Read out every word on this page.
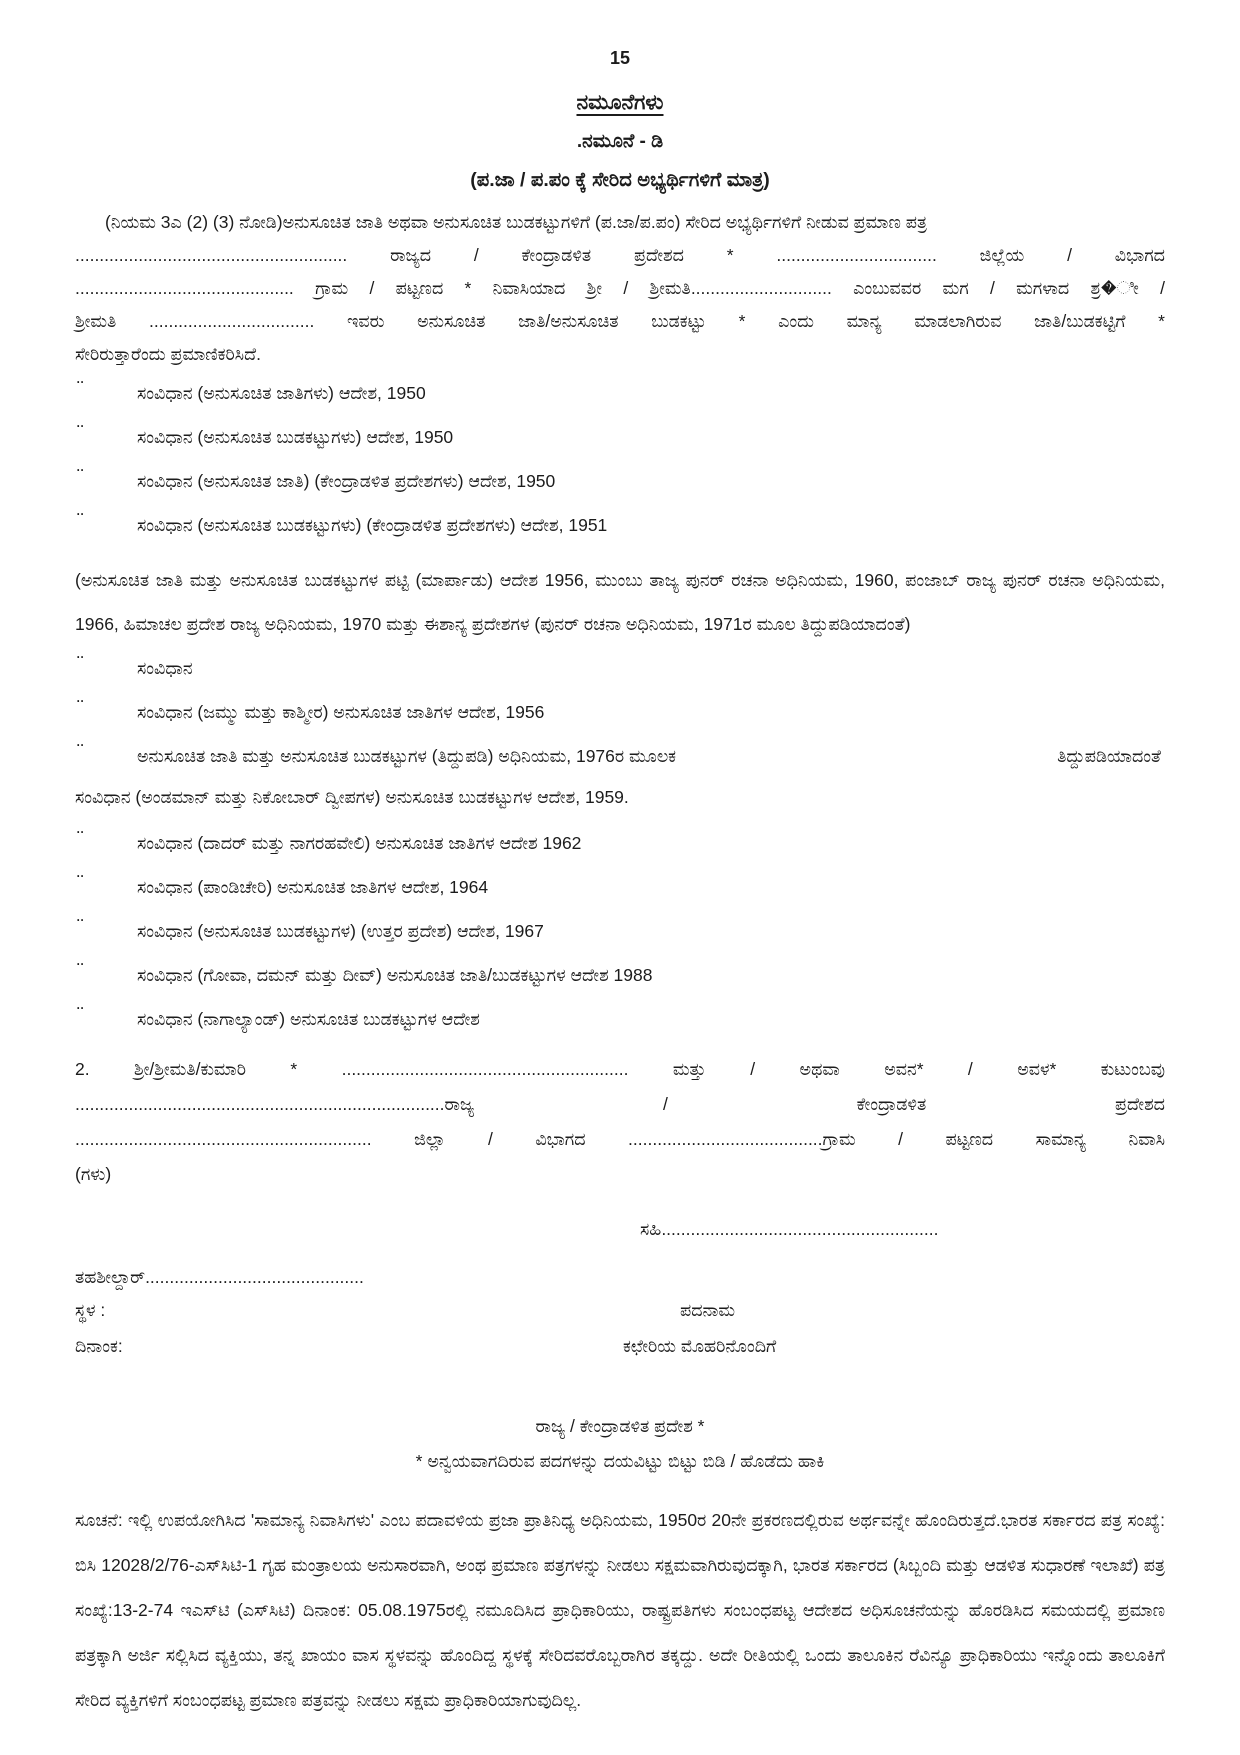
15
ನಮೂನೆಗಳು
.ನಮೂನೆ - ಡಿ
(ಪ.ಜಾ / ಪ.ಪಂ ಕ್ಕೆ ಸೇರಿದ ಅಭ್ಯರ್ಥಿಗಳಿಗೆ ಮಾತ್ರ)
(ನಿಯಮ 3ಎ (2) (3) ನೋಡಿ)ಅನುಸೂಚಿತ ಜಾತಿ ಅಥವಾ ಅನುಸೂಚಿತ ಬುಡಕಟ್ಟುಗಳಿಗೆ (ಪ.ಜಾ/ಪ.ಪಂ) ಸೇರಿದ ಅಭ್ಯರ್ಥಿಗಳಿಗೆ ನೀಡುವ ಪ್ರಮಾಣ ಪತ್ರ
........................................................ ರಾಜ್ಯದ / ಕೇಂದ್ರಾಡಳಿತ ಪ್ರದೇಶದ * ................................. ಜಿಲ್ಲೆಯ / ವಿಭಾಗದ
............................................. ಗ್ರಾಮ / ಪಟ್ಟಣದ * ನಿವಾಸಿಯಾದ ಶ್ರೀ / ಶ್ರೀಮತಿ............................. ಎಂಬುವವರ ಮಗ / ಮಗಳಾದ ಶ್ರ�ೀ /
ಶ್ರೀಮತಿ .................................. ಇವರು ಅನುಸೂಚಿತ ಜಾತಿ/ಅನುಸೂಚಿತ ಬುಡಕಟ್ಟು * ಎಂದು ಮಾನ್ಯ ಮಾಡಲಾಗಿರುವ ಜಾತಿ/ಬುಡಕಟ್ಟಿಗೆ *
ಸೇರಿರುತ್ತಾರೆಂದು ಪ್ರಮಾಣಿಕರಿಸಿದೆ.
¨	ಸಂವಿಧಾನ (ಅನುಸೂಚಿತ ಜಾತಿಗಳು) ಆದೇಶ, 1950
¨	ಸಂವಿಧಾನ (ಅನುಸೂಚಿತ ಬುಡಕಟ್ಟುಗಳು) ಆದೇಶ, 1950
¨	ಸಂವಿಧಾನ (ಅನುಸೂಚಿತ ಜಾತಿ) (ಕೇಂದ್ರಾಡಳಿತ ಪ್ರದೇಶಗಳು) ಆದೇಶ, 1950
¨	ಸಂವಿಧಾನ (ಅನುಸೂಚಿತ ಬುಡಕಟ್ಟುಗಳು) (ಕೇಂದ್ರಾಡಳಿತ ಪ್ರದೇಶಗಳು) ಆದೇಶ, 1951
(ಅನುಸೂಚಿತ ಜಾತಿ ಮತ್ತು ಅನುಸೂಚಿತ ಬುಡಕಟ್ಟುಗಳ ಪಟ್ಟಿ (ಮಾರ್ಪಾಡು) ಆದೇಶ 1956, ಮುಂಬು ತಾಜ್ಯ ಪುನರ್ ರಚನಾ ಅಧಿನಿಯಮ, 1960, ಪಂಜಾಬ್ ರಾಜ್ಯ ಪುನರ್ ರಚನಾ ಅಧಿನಿಯಮ, 1966, ಹಿಮಾಚಲ ಪ್ರದೇಶ ರಾಜ್ಯ ಅಧಿನಿಯಮ, 1970 ಮತ್ತು ಈಶಾನ್ಯ ಪ್ರದೇಶಗಳ (ಪುನರ್ ರಚನಾ ಅಧಿನಿಯಮ, 1971ರ ಮೂಲ ತಿದ್ದುಪಡಿಯಾದಂತೆ)
¨	ಸಂವಿಧಾನ
¨	ಸಂವಿಧಾನ (ಜಮ್ಮು ಮತ್ತು ಕಾಶ್ಮೀರ) ಅನುಸೂಚಿತ ಜಾತಿಗಳ ಆದೇಶ, 1956
¨	ಅನುಸೂಚಿತ ಜಾತಿ ಮತ್ತು ಅನುಸೂಚಿತ ಬುಡಕಟ್ಟುಗಳ (ತಿದ್ದುಪಡಿ) ಅಧಿನಿಯಮ, 1976ರ ಮೂಲಕ	ತಿದ್ದುಪಡಿಯಾದಂತೆ
ಸಂವಿಧಾನ (ಅಂಡಮಾನ್ ಮತ್ತು ನಿಕೋಬಾರ್ ದ್ವೀಪಗಳ) ಅನುಸೂಚಿತ ಬುಡಕಟ್ಟುಗಳ ಆದೇಶ, 1959.
¨	ಸಂವಿಧಾನ (ದಾದರ್ ಮತ್ತು ನಾಗರಹವೇಲಿ) ಅನುಸೂಚಿತ ಜಾತಿಗಳ ಆದೇಶ 1962
¨	ಸಂವಿಧಾನ (ಪಾಂಡಿಚೇರಿ) ಅನುಸೂಚಿತ ಜಾತಿಗಳ ಆದೇಶ, 1964
¨	ಸಂವಿಧಾನ (ಅನುಸೂಚಿತ ಬುಡಕಟ್ಟುಗಳ) (ಉತ್ತರ ಪ್ರದೇಶ) ಆದೇಶ, 1967
¨	ಸಂವಿಧಾನ (ಗೋವಾ, ದಮನ್ ಮತ್ತು ದೀವ್) ಅನುಸೂಚಿತ ಜಾತಿ/ಬುಡಕಟ್ಟುಗಳ ಆದೇಶ 1988
¨	ಸಂವಿಧಾನ (ನಾಗಾಲ್ಯಾಂಡ್) ಅನುಸೂಚಿತ ಬುಡಕಟ್ಟುಗಳ ಆದೇಶ
2. ಶ್ರೀ/ಶ್ರೀಮತಿ/ಕುಮಾರಿ * ........................................................... ಮತ್ತು / ಅಥವಾ ಅವನ* / ಅವಳ* ಕುಟುಂಬವು
............................................................................ರಾಜ್ಯ / ಕೇಂದ್ರಾಡಳಿತ ಪ್ರದೇಶದ
............................................................. ಜಿಲ್ಲಾ / ವಿಭಾಗದ ........................................ಗ್ರಾಮ / ಪಟ್ಟಣದ ಸಾಮಾನ್ಯ ನಿವಾಸಿ
(ಗಳು)
ಸಹಿ.........................................................
ತಹಶೀಲ್ದಾರ್.............................................
ಸ್ಥಳ :	ಪದನಾಮ
ದಿನಾಂಕ:	ಕಛೇರಿಯ ಮೊಹರಿನೊಂದಿಗೆ
ರಾಜ್ಯ / ಕೇಂದ್ರಾಡಳಿತ ಪ್ರದೇಶ *
* ಅನ್ವಯವಾಗದಿರುವ ಪದಗಳನ್ನು ದಯವಿಟ್ಟು ಬಿಟ್ಟು ಬಿಡಿ / ಹೊಡೆದು ಹಾಕಿ
ಸೂಚನೆ: ಇಲ್ಲಿ ಉಪಯೋಗಿಸಿದ 'ಸಾಮಾನ್ಯ ನಿವಾಸಿಗಳು' ಎಂಬ ಪದಾವಳಿಯ ಪ್ರಜಾ ಪ್ರಾತಿನಿಧ್ಯ ಅಧಿನಿಯಮ, 1950ರ 20ನೇ ಪ್ರಕರಣದಲ್ಲಿರುವ ಅರ್ಥವನ್ನೇ ಹೊಂದಿರುತ್ತದೆ.ಭಾರತ ಸರ್ಕಾರದ ಪತ್ರ ಸಂಖ್ಯೆ: ಬಿಸಿ 12028/2/76-ಎಸ್‌ಸಿಟಿ-1 ಗೃಹ ಮಂತ್ರಾಲಯ ಅನುಸಾರವಾಗಿ, ಅಂಥ ಪ್ರಮಾಣ ಪತ್ರಗಳನ್ನು ನೀಡಲು ಸಕ್ಷಮವಾಗಿರುವುದಕ್ಕಾಗಿ, ಭಾರತ ಸರ್ಕಾರದ (ಸಿಬ್ಬಂದಿ ಮತ್ತು ಆಡಳಿತ ಸುಧಾರಣೆ ಇಲಾಖೆ) ಪತ್ರ ಸಂಖ್ಯೆ:13-2-74 ಇಎಸ್‌ಟಿ (ಎಸ್‌ಸಿಟಿ) ದಿನಾಂಕ: 05.08.1975ರಲ್ಲಿ ನಮೂದಿಸಿದ ಪ್ರಾಧಿಕಾರಿಯು, ರಾಷ್ಟ್ರಪತಿಗಳು ಸಂಬಂಧಪಟ್ಟ ಆದೇಶದ ಅಧಿಸೂಚನೆಯನ್ನು ಹೊರಡಿಸಿದ ಸಮಯದಲ್ಲಿ ಪ್ರಮಾಣ ಪತ್ರಕ್ಕಾಗಿ ಅರ್ಜಿ ಸಲ್ಲಿಸಿದ ವ್ಯಕ್ತಿಯು, ತನ್ನ ಖಾಯಂ ವಾಸ ಸ್ಥಳವನ್ನು ಹೊಂದಿದ್ದ ಸ್ಥಳಕ್ಕೆ ಸೇರಿದವರೊಬ್ಬರಾಗಿರ ತಕ್ಕದ್ದು. ಅದೇ ರೀತಿಯಲ್ಲಿ ಒಂದು ತಾಲೂಕಿನ ರೆವಿನ್ಯೂ ಪ್ರಾಧಿಕಾರಿಯು ಇನ್ನೊಂದು ತಾಲೂಕಿಗೆ ಸೇರಿದ ವ್ಯಕ್ತಿಗಳಿಗೆ ಸಂಬಂಧಪಟ್ಟ ಪ್ರಮಾಣ ಪತ್ರವನ್ನು ನೀಡಲು ಸಕ್ಷಮ ಪ್ರಾಧಿಕಾರಿಯಾಗುವುದಿಲ್ಲ.
